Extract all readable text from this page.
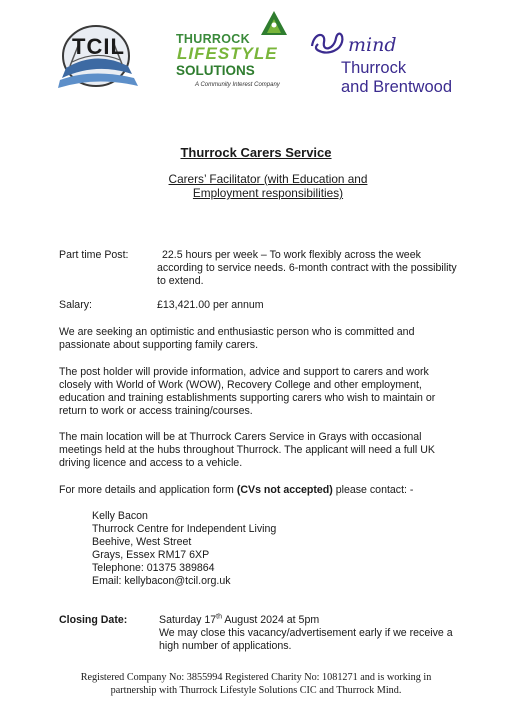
TCIL	THURROCK
LIFESTYLE
SOLUTIONS
A Community Interest Company
mind
Thurrock
and Brentwood
Thurrock Carers Service
Carers’ Facilitator (with Education and Employment responsibilities)
Part time Post:	22.5 hours per week – To work flexibly across the week
according to service needs. 6-month contract with the possibility
to extend.
Salary:	£13,421.00 per annum
We are seeking an optimistic and enthusiastic person who is committed and
passionate about supporting family carers.
The post holder will provide information, advice and support to carers and work
closely with World of Work (WOW), Recovery College and other employment,
education and training establishments supporting carers who wish to maintain or
return to work or access training/courses.
The main location will be at Thurrock Carers Service in Grays with occasional
meetings held at the hubs throughout Thurrock. The applicant will need a full UK
driving licence and access to a vehicle.
For more details and application form (CVs not accepted) please contact: -
Kelly Bacon
Thurrock Centre for Independent Living
Beehive, West Street
Grays, Essex RM17 6XP
Telephone: 01375 389864
Email: kellybacon@tcil.org.uk
Closing Date:	Saturday 17th August 2024 at 5pm
We may close this vacancy/advertisement early if we receive a
high number of applications.
Registered Company No: 3855994 Registered Charity No: 1081271 and is working in
partnership with Thurrock Lifestyle Solutions CIC and Thurrock Mind.
